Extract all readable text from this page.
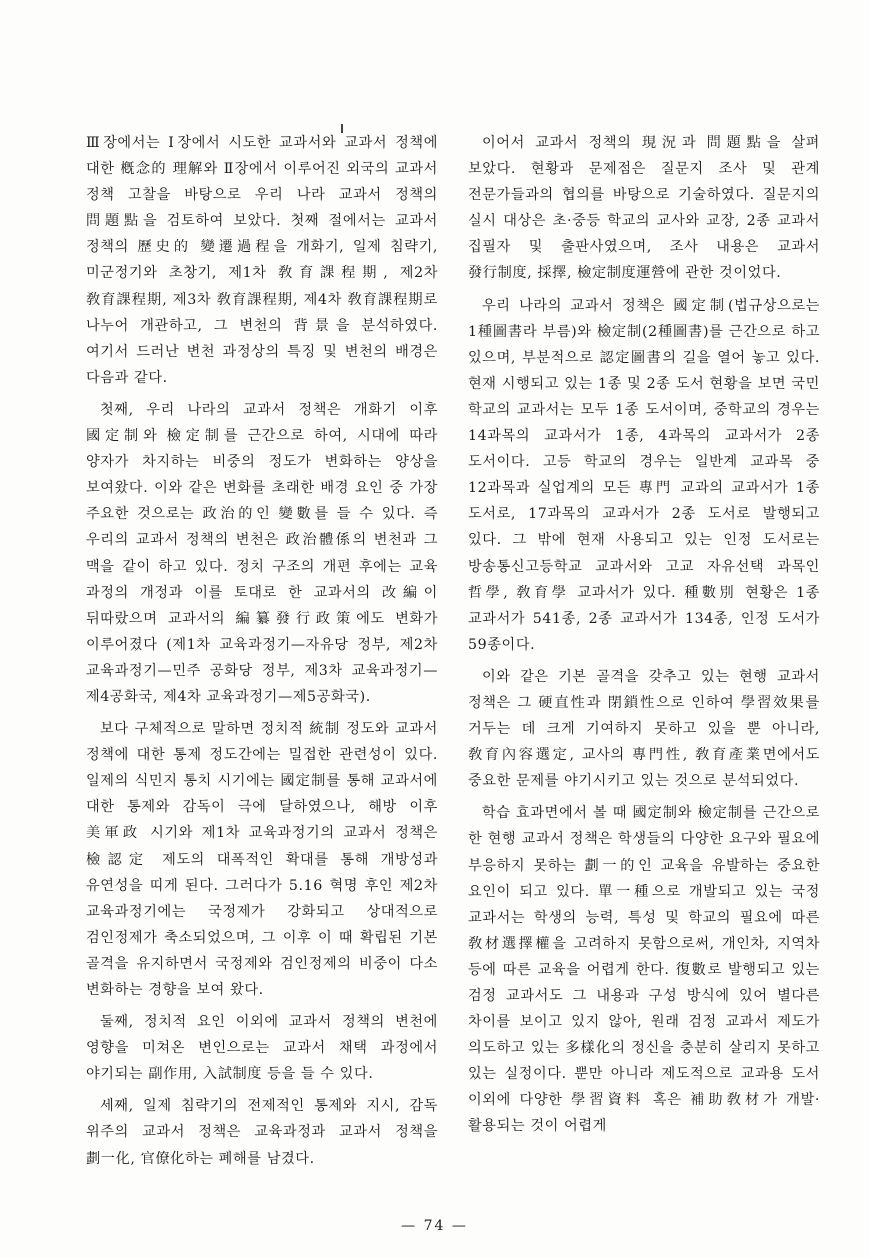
Ⅲ장에서는 Ⅰ장에서 시도한 교과서와 교과서 정책에 대한 槪念的 理解와 Ⅱ장에서 이루어진 외국의 교과서 정책 고찰을 바탕으로 우리 나라 교과서 정책의 問題點을 검토하여 보았다. 첫째 절에서는 교과서 정책의 歷史的 變遷過程을 개화기, 일제 침략기, 미군정기와 초창기, 제1차 敎育課程期, 제2차 敎育課程期, 제3차 敎育課程期, 제4차 敎育課程期로 나누어 개관하고, 그 변천의 背景을 분석하였다. 여기서 드러난 변천 과정상의 특징 및 변천의 배경은 다음과 같다.

첫째, 우리 나라의 교과서 정책은 개화기 이후 國定制와 檢定制를 근간으로 하여, 시대에 따라 양자가 차지하는 비중의 정도가 변화하는 양상을 보여왔다. 이와 같은 변화를 초래한 배경 요인 중 가장 주요한 것으로는 政治的인 變數를 들 수 있다. 즉 우리의 교과서 정책의 변천은 政治體係의 변천과 그 맥을 같이 하고 있다. 정치 구조의 개편 후에는 교육 과정의 개정과 이를 토대로 한 교과서의 改編이 뒤따랐으며 교과서의 編纂發行政策에도 변화가 이루어졌다 (제1차 교육과정기—자유당 정부, 제2차 교육과정기—민주 공화당 정부, 제3차 교육과정기—제4공화국, 제4차 교육과정기—제5공화국).

보다 구체적으로 말하면 정치적 統制 정도와 교과서 정책에 대한 통제 정도간에는 밀접한 관련성이 있다. 일제의 식민지 통치 시기에는 國定制를 통해 교과서에 대한 통제와 감독이 극에 달하였으나, 해방 이후 美軍政 시기와 제1차 교육과정기의 교과서 정책은 檢認定 제도의 대폭적인 확대를 통해 개방성과 유연성을 띠게 된다. 그러다가 5.16 혁명 후인 제2차 교육과정기에는 국정제가 강화되고 상대적으로 검인정제가 축소되었으며, 그 이후 이 때 확립된 기본 골격을 유지하면서 국정제와 검인정제의 비중이 다소 변화하는 경향을 보여 왔다.

둘째, 정치적 요인 이외에 교과서 정책의 변천에 영향을 미쳐온 변인으로는 교과서 채택 과정에서 야기되는 副作用, 入試制度 등을 들 수 있다.

세째, 일제 침략기의 전제적인 통제와 지시, 감독 위주의 교과서 정책은 교육과정과 교과서 정책을 劃一化, 官僚化하는 폐해를 남겼다.

이어서 교과서 정책의 現況과 問題點을 살펴 보았다. 현황과 문제점은 질문지 조사 및 관계 전문가들과의 협의를 바탕으로 기술하였다. 질문지의 실시 대상은 초·중등 학교의 교사와 교장, 2종 교과서 집필자 및 출판사였으며, 조사 내용은 교과서 發行制度, 採擇, 檢定制度運營에 관한 것이었다.

우리 나라의 교과서 정책은 國定制(법규상으로는 1種圖書라 부름)와 檢定制(2種圖書)를 근간으로 하고 있으며, 부분적으로 認定圖書의 길을 열어 놓고 있다. 현재 시행되고 있는 1종 및 2종 도서 현황을 보면 국민 학교의 교과서는 모두 1종 도서이며, 중학교의 경우는 14과목의 교과서가 1종, 4과목의 교과서가 2종 도서이다. 고등 학교의 경우는 일반계 교과목 중 12과목과 실업계의 모든 專門 교과의 교과서가 1종 도서로, 17과목의 교과서가 2종 도서로 발행되고 있다. 그 밖에 현재 사용되고 있는 인정 도서로는 방송통신고등학교 교과서와 고교 자유선택 과목인 哲學, 敎育學 교과서가 있다. 種數別 현황은 1종 교과서가 541종, 2종 교과서가 134종, 인정 도서가 59종이다.

이와 같은 기본 골격을 갖추고 있는 현행 교과서 정책은 그 硬直性과 閉鎖性으로 인하여 學習效果를 거두는 데 크게 기여하지 못하고 있을 뿐 아니라, 敎育內容選定, 교사의 專門性, 敎育產業면에서도 중요한 문제를 야기시키고 있는 것으로 분석되었다.

학습 효과면에서 볼 때 國定制와 檢定制를 근간으로 한 현행 교과서 정책은 학생들의 다양한 요구와 필요에 부응하지 못하는 劃一的인 교육을 유발하는 중요한 요인이 되고 있다. 單一種으로 개발되고 있는 국정 교과서는 학생의 능력, 특성 및 학교의 필요에 따른 敎材選擇權을 고려하지 못함으로써, 개인차, 지역차 등에 따른 교육을 어렵게 한다. 復數로 발행되고 있는 검정 교과서도 그 내용과 구성 방식에 있어 별다른 차이를 보이고 있지 않아, 원래 검정 교과서 제도가 의도하고 있는 多樣化의 정신을 충분히 살리지 못하고 있는 실정이다. 뿐만 아니라 제도적으로 교과용 도서 이외에 다양한 學習資料 혹은 補助敎材가 개발·활용되는 것이 어렵게

— 74 —
